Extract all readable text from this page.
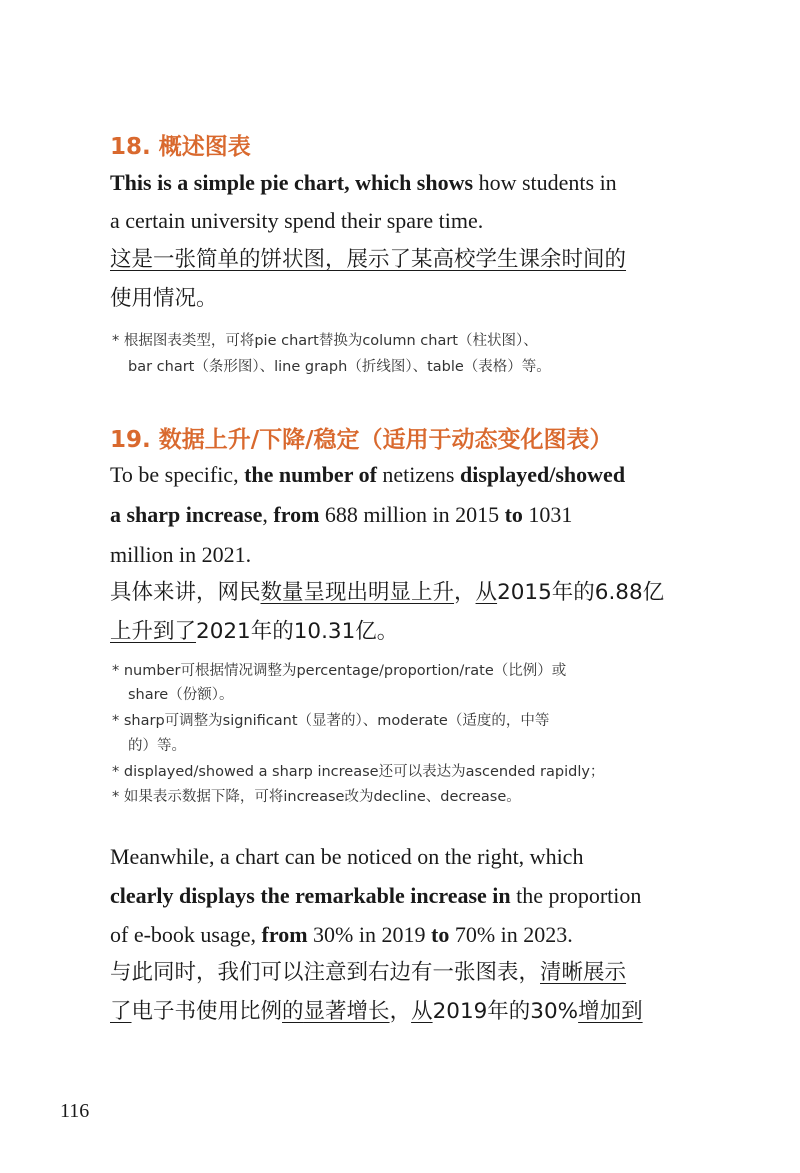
18. 概述图表
This is a simple pie chart, which shows how students in
a certain university spend their spare time.
这是一张简单的饼状图，展示了某高校学生课余时间的
使用情况。
* 根据图表类型，可将pie chart替换为column chart（柱状图）、
bar chart（条形图）、line graph（折线图）、table（表格）等。
19. 数据上升/下降/稳定（适用于动态变化图表）
To be specific, the number of netizens displayed/showed
a sharp increase, from 688 million in 2015 to 1031
million in 2021.
具体来讲，网民数量呈现出明显上升，从2015年的6.88亿
上升到了2021年的10.31亿。
* number可根据情况调整为percentage/proportion/rate（比例）或
share（份额）。
* sharp可调整为significant（显著的）、moderate（适度的，中等
的）等。
* displayed/showed a sharp increase还可以表达为ascended rapidly；
* 如果表示数据下降，可将increase改为decline、decrease。
Meanwhile, a chart can be noticed on the right, which
clearly displays the remarkable increase in the proportion
of e-book usage, from 30% in 2019 to 70% in 2023.
与此同时，我们可以注意到右边有一张图表，清晰展示
了电子书使用比例的显著增长，从2019年的30%增加到
116
